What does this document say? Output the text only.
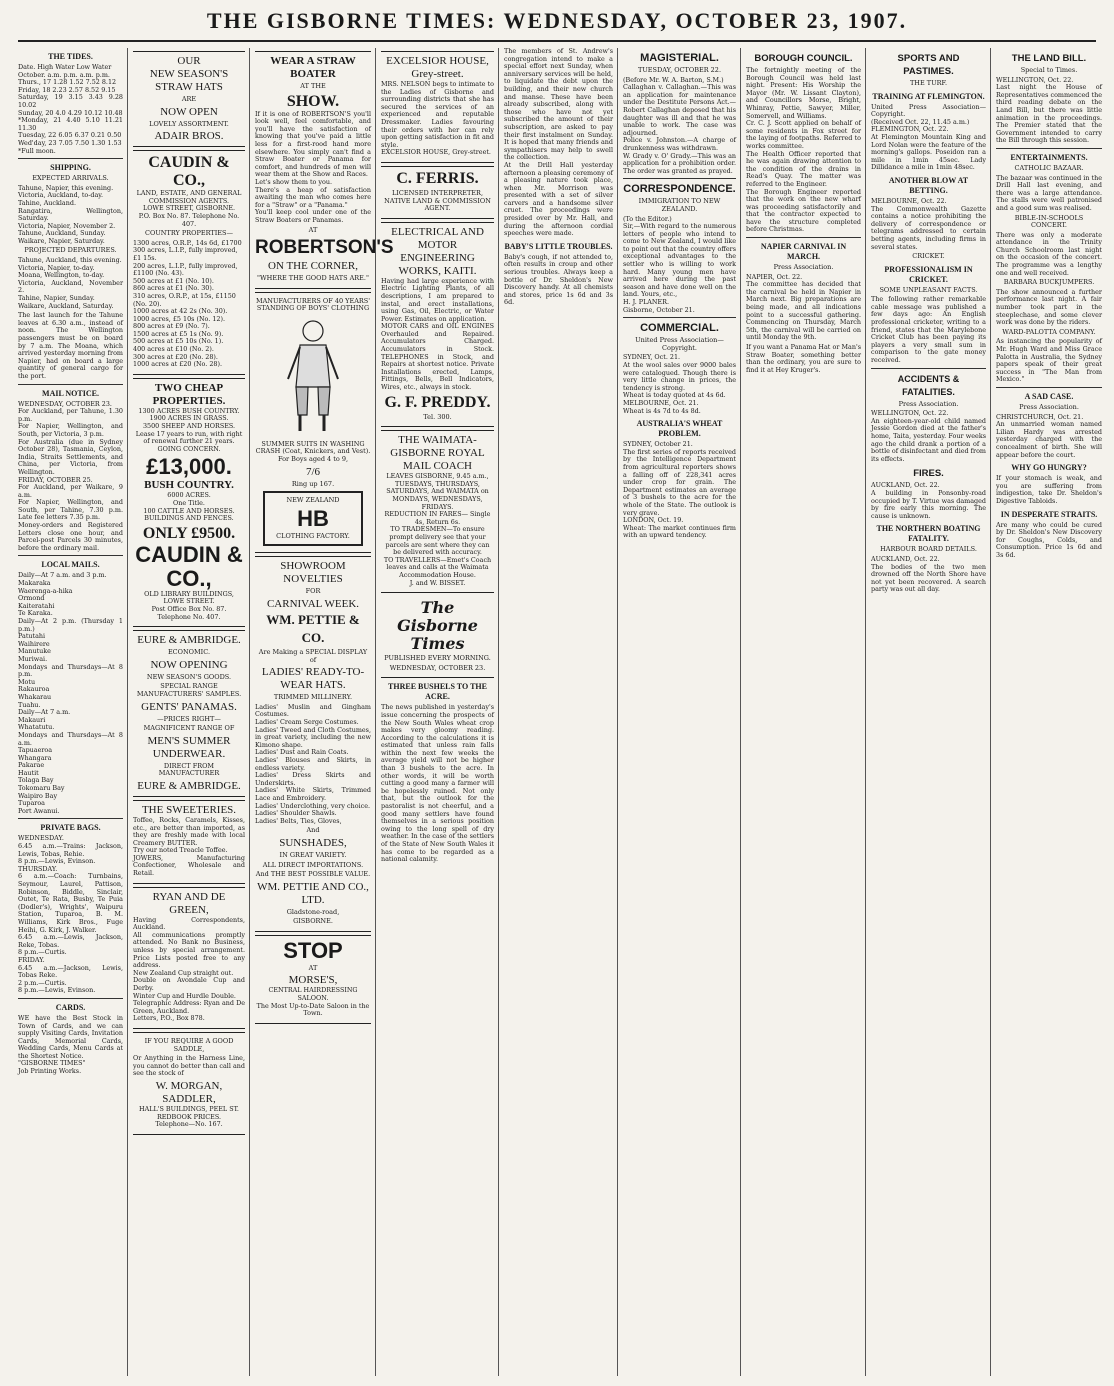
THE GISBORNE TIMES: WEDNESDAY, OCTOBER 23, 1907.
THE TIDES.
Date. High Water Low Water
October. a.m. p.m. a.m. p.m.
Thurs., 17 1.28 1.52 7.52 8.12
Friday, 18 2.23 2.57 8.52 9.15
Saturday, 19 3.15 3.43 9.28 10.02
Sunday, 20 4.0 4.29 10.12 10.48
*Monday, 21 4.40 5.10 11.21 11.30
Tuesday, 22 6.05 6.37 0.21 0.50
Wed'day, 23 7.05 7.50 1.30 1.53
*Full moon.
SHIPPING.
EXPECTED ARRIVALS.
Tahune, Napier, this evening.
Victoria, Auckland, to-day.
Tahine, Auckland.
Rangatira, Wellington, Saturday.
Victoria, Napier, November 2.
Tahune, Auckland, Sunday.
Waikare, Napier, Saturday.
PROJECTED DEPARTURES.
Tahune, Auckland, this evening.
Victoria, Napier, to-day.
Moana, Wellington, to-day.
Victoria, Auckland, November 2.
Tahine, Napier, Sunday.
Waikare, Auckland, Saturday.
The last launch for the Tahune leaves at 6.30 a.m., instead of noon. The Wellington passengers must be on board by 7 a.m. The Moana, which arrived yesterday morning from Napier, had on board a large quantity of general cargo for the port.
MAIL NOTICE.
WEDNESDAY, OCTOBER 23.
For Auckland, per Tahune, 1.30 p.m.
For Napier, Wellington, and South, per Victoria, 3 p.m.
For Australia (due in Sydney October 28), Tasmania, Ceylon, India, Straits Settlements, and China, per Victoria, from Wellington.
FRIDAY, OCTOBER 25.
For Auckland, per Waikare, 9 a.m.
For Napier, Wellington, and South, per Tahine, 7.30 p.m. Late fee letters 7.35 p.m.
Money-orders and Registered Letters close one hour, and Parcel-post Parcels 30 minutes, before the ordinary mail.
LOCAL MAILS.
Daily—At 7 a.m. and 3 p.m.
Makaraka
Waerenga-a-hika
Ormond
Kaiteratahi
Te Karaka.
Daily—At 2 p.m. (Thursday 1 p.m.)
Patutahi
Waihirere
Manutuke
Muriwai.
Mondays and Thursdays—At 8 p.m.
Motu
Rakauroa
Whakarau
Tuahu.
Daily—At 7 a.m.
Makauri
Whatatutu.
Mondays and Thursdays—At 8 a.m.
Tapuaeroa
Whangara
Pakarae
Hautit
Tolaga Bay
Tokomaru Bay
Waipiro Bay
Tuparoa
Port Awanui.
PRIVATE BAGS.
WEDNESDAY.
6.45 a.m.—Trains: Jackson, Lewis, Tobas, Rehie.
8 p.m.—Lewis, Evinson.
THURSDAY.
6 a.m.—Coach: Turnbains, Seymour, Laurel, Pattison, Robinson, Biddle, Sinclair, Outet, Te Rata, Busby, Te Puia (Dodler's), Wrights', Waipuru Station, Tuparoa, B. M. Williams, Kirk Bros., Fuge Heihi, G. Kirk, J. Walker.
6.45 a.m.—Lewis, Jackson, Reke, Tobas.
8 p.m.—Curtis.
FRIDAY.
6.45 a.m.—Jackson, Lewis, Tobas Reke.
2 p.m.—Curtis.
8 p.m.—Lewis, Evinson.
CARDS.
WE have the Best Stock in Town of Cards, and we can supply Visiting Cards, Invitation Cards, Memorial Cards, Wedding Cards, Menu Cards at the Shortest Notice.
"GISBORNE TIMES"
Job Printing Works.
OUR
NEW SEASON'S
STRAW HATS
ARE
NOW OPEN
LOVELY ASSORTMENT.
ADAIR BROS.
CAUDIN & CO.,
LAND, ESTATE, AND GENERAL COMMISSION AGENTS.
LOWE STREET, GISBORNE.
P.O. Box No. 87. Telephone No. 407.
COUNTRY PROPERTIES—
1300 acres, O.R.P., 14s 6d, £1700
300 acres, L.I.P., fully improved, £1 15s.
200 acres, L.I.P., fully improved, £1100 (No. 43).
500 acres at £1 (No. 10).
860 acres at £1 (No. 30).
310 acres, O.R.P., at 15s, £1150
(No. 20).
1000 acres at 42 2s (No. 30).
1000 acres, £5 10s (No. 12).
800 acres at £9 (No. 7).
1500 acres at £5 1s (No. 9).
500 acres at £5 10s (No. 1).
400 acres at £10 (No. 2).
300 acres at £20 (No. 28).
1000 acres at £20 (No. 28).
TWO CHEAP PROPERTIES.
1300 ACRES BUSH COUNTRY.
1900 ACRES IN GRASS.
3500 SHEEP AND HORSES.
Lease 17 years to run, with right of renewal further 21 years.
GOING CONCERN.
£13,000.
BUSH COUNTRY.
6000 ACRES.
One Title.
100 CATTLE AND HORSES.
BUILDINGS AND FENCES.
ONLY £9500.
CAUDIN & CO.,
OLD LIBRARY BUILDINGS, LOWE STREET.
Post Office Box No. 87.
Telephone No. 407.
EURE & AMBRIDGE.
ECONOMIC.
NOW OPENING
NEW SEASON'S GOODS.
SPECIAL RANGE MANUFACTURERS' SAMPLES.
GENTS' PANAMAS.
—PRICES RIGHT—
MAGNIFICENT RANGE OF
MEN'S SUMMER UNDERWEAR.
DIRECT FROM MANUFACTURER
EURE & AMBRIDGE.
THE SWEETERIES.
Toffee, Rocks, Caramels, Kisses, etc., are better than imported, as they are freshly made with local Creamery BUTTER.
Try our noted Treacle Toffee.
JOWERS, Manufacturing Confectioner, Wholesale and Retail.
RYAN AND DE GREEN,
Having Correspondents, Auckland.
All communications promptly attended. No Bank no Business, unless by special arrangement. Price Lists posted free to any address.
New Zealand Cup straight out.
Double on Avondale Cup and Derby.
Winter Cup and Hurdle Double.
Telegraphic Address: Ryan and De Green, Auckland.
Letters, P.O., Box 878.
IF YOU REQUIRE A GOOD SADDLE,
Or Anything in the Harness Line, you cannot do better than call and see the stock of
W. MORGAN, SADDLER,
HALL'S BUILDINGS, PEEL ST. REDBOOK PRICES.
Telephone—No. 167.
WEAR A STRAW BOATER
AT THE
SHOW.
If it is one of ROBERTSON'S you'll look well, feel comfortable, and you'll have the satisfaction of knowing that you've paid a little less for a first-rood hand more elsewhere. You simply can't find a Straw Boater or Panama for comfort, and hundreds of men will wear them at the Show and Races.
Let's show them to you.
There's a heap of satisfaction awaiting the man who comes here for a "Straw" or a "Panama."
You'll keep cool under one of the Straw Boaters or Panamas.
AT
ROBERTSON'S
ON THE CORNER,
"WHERE THE GOOD HATS ARE."
MANUFACTURERS OF 40 YEARS' STANDING OF BOYS' CLOTHING
SUMMER SUITS IN WASHING CRASH (Coat, Knickers, and Vest). For Boys aged 4 to 9,
7/6
Ring up 167.
NEW ZEALAND
HB
CLOTHING FACTORY.
SHOWROOM NOVELTIES
FOR
CARNIVAL WEEK.
WM. PETTIE & CO.
Are Making a SPECIAL DISPLAY of
LADIES' READY-TO-WEAR HATS.
TRIMMED MILLINERY.
Ladies' Muslin and Gingham Costumes.
Ladies' Cream Serge Costumes.
Ladies' Tweed and Cloth Costumes, in great variety, including the new Kimono shape.
Ladies' Dust and Rain Coats.
Ladies' Blouses and Skirts, in endless variety.
Ladies' Dress Skirts and Underskirts.
Ladies' White Skirts, Trimmed Lace and Embroidery.
Ladies' Underclothing, very choice.
Ladies' Shoulder Shawls.
Ladies' Belts, Ties, Gloves,
And
SUNSHADES,
IN GREAT VARIETY.
ALL DIRECT IMPORTATIONS.
And THE BEST POSSIBLE VALUE.
WM. PETTIE AND CO., LTD.
Gladstone-road,
GISBORNE.
STOP
AT
MORSE'S,
CENTRAL HAIRDRESSING SALOON.
The Most Up-to-Date Saloon in the Town.
EXCELSIOR HOUSE, Grey-street.
MRS. NELSON begs to intimate to the Ladies of Gisborne and surrounding districts that she has secured the services of an experienced and reputable Dressmaker. Ladies favouring their orders with her can rely upon getting satisfaction in fit and style.
EXCELSIOR HOUSE, Grey-street.
C. FERRIS.
LICENSED INTERPRETER, NATIVE LAND & COMMISSION AGENT.
ELECTRICAL AND MOTOR ENGINEERING WORKS, KAITI.
Having had large experience with Electric Lighting Plants, of all descriptions, I am prepared to instal, and erect installations, using Gas, Oil, Electric, or Water Power. Estimates on application.
MOTOR CARS and OIL ENGINES Overhauled and Repaired. Accumulators Charged. Accumulators in Stock. TELEPHONES in Stock, and Repairs at shortest notice. Private Installations erected, Lamps, Fittings, Bells, Bell Indicators, Wires, etc., always in stock.
G. F. PREDDY.
Tel. 300.
THE WAIMATA-GISBORNE ROYAL MAIL COACH
LEAVES GISBORNE, 9.45 a.m., TUESDAYS, THURSDAYS, SATURDAYS, And WAIMATA on MONDAYS, WEDNESDAYS, FRIDAYS.
REDUCTION IN FARES— Single 4s, Return 6s.
TO TRADESMEN—To ensure prompt delivery see that your parcels are sent where they can be delivered with accuracy.
TO TRAVELLERS—Emet's Coach leaves and calls at the Waimata Accommodation House.
J. and W. BISSET.
The Gisborne Times
PUBLISHED EVERY MORNING.
WEDNESDAY, OCTOBER 23.
THREE BUSHELS TO THE ACRE.
The news published in yesterday's issue concerning the prospects of the New South Wales wheat crop makes very gloomy reading. According to the calculations it is estimated that unless rain falls within the next few weeks the average yield will not be higher than 3 bushels to the acre. In other words, it will be worth cutting a good many a farmer will be hopelessly ruined. Not only that, but the outlook for the pastoralist is not cheerful, and a good many settlers have found themselves in a serious position owing to the long spell of dry weather. In the case of the settlers of the State of New South Wales it has come to be regarded as a national calamity.
The members of St. Andrew's congregation intend to make a special effort next Sunday, when anniversary services will be held, to liquidate the debt upon the building, and their new church and manse. These have been already subscribed, along with those who have not yet subscribed the amount of their subscription, are asked to pay their first instalment on Sunday. It is hoped that many friends and sympathisers may help to swell the collection.
At the Drill Hall yesterday afternoon a pleasing ceremony of a pleasing nature took place, when Mr. Morrison was presented with a set of silver carvers and a handsome silver cruet. The proceedings were presided over by Mr. Hall, and during the afternoon cordial speeches were made.
BABY'S LITTLE TROUBLES.
Baby's cough, if not attended to, often results in croup and other serious troubles. Always keep a bottle of Dr. Sheldon's New Discovery handy. At all chemists and stores, price 1s 6d and 3s 6d.
MAGISTERIAL.
TUESDAY, OCTOBER 22.
(Before Mr. W. A. Barton, S.M.)
Callaghan v. Callaghan.—This was an application for maintenance under the Destitute Persons Act.—Robert Callaghan deposed that his daughter was ill and that he was unable to work. The case was adjourned.
Police v. Johnston.—A charge of drunkenness was withdrawn.
W. Grady v. O' Grady.—This was an application for a prohibition order. The order was granted as prayed.
CORRESPONDENCE.
IMMIGRATION TO NEW ZEALAND.
(To the Editor.)
Sir,—With regard to the numerous letters of people who intend to come to New Zealand, I would like to point out that the country offers exceptional advantages to the settler who is willing to work hard. Many young men have arrived here during the past season and have done well on the land. Yours, etc.,
H. J. PLANER.
Gisborne, October 21.
COMMERCIAL.
United Press Association—Copyright.
SYDNEY, Oct. 21.
At the wool sales over 9000 bales were catalogued. Though there is very little change in prices, the tendency is strong.
Wheat is today quoted at 4s 6d.
MELBOURNE, Oct. 21.
Wheat is 4s 7d to 4s 8d.
AUSTRALIA'S WHEAT PROBLEM.
SYDNEY, October 21.
The first series of reports received by the Intelligence Department from agricultural reporters shows a falling off of 228,341 acres under crop for grain. The Department estimates an average of 3 bushels to the acre for the whole of the State. The outlook is very grave.
LONDON, Oct. 19.
Wheat: The market continues firm with an upward tendency.
BOROUGH COUNCIL.
The fortnightly meeting of the Borough Council was held last night. Present: His Worship the Mayor (Mr. W. Lissant Clayton), and Councillors Morse, Bright, Whinray, Pettie, Sawyer, Miller, Somervell, and Williams.
Cr. C. J. Scott applied on behalf of some residents in Fox street for the laying of footpaths. Referred to works committee.
The Health Officer reported that he was again drawing attention to the condition of the drains in Read's Quay. The matter was referred to the Engineer.
The Borough Engineer reported that the work on the new wharf was proceeding satisfactorily and that the contractor expected to have the structure completed before Christmas.
NAPIER CARNIVAL IN MARCH.
Press Association.
NAPIER, Oct. 22.
The committee has decided that the carnival be held in Napier in March next. Big preparations are being made, and all indications point to a successful gathering. Commencing on Thursday, March 5th, the carnival will be carried on until Monday the 9th.
If you want a Panama Hat or Man's Straw Boater, something better than the ordinary, you are sure to find it at Hey Kruger's.
SPORTS AND PASTIMES.
THE TURF.
TRAINING AT FLEMINGTON.
United Press Association—Copyright.
(Received Oct. 22, 11.45 a.m.)
FLEMINGTON, Oct. 22.
At Flemington Mountain King and Lord Nolan were the feature of the morning's gallops. Poseidon ran a mile in 1min 45sec. Lady Dillidance a mile in 1min 48sec.
ANOTHER BLOW AT BETTING.
MELBOURNE, Oct. 22.
The Commonwealth Gazette contains a notice prohibiting the delivery of correspondence or telegrams addressed to certain betting agents, including firms in several states.
CRICKET.
PROFESSIONALISM IN CRICKET.
SOME UNPLEASANT FACTS.
The following rather remarkable cable message was published a few days ago: An English professional cricketer, writing to a friend, states that the Marylebone Cricket Club has been paying its players a very small sum in comparison to the gate money received.
ACCIDENTS & FATALITIES.
Press Association.
WELLINGTON, Oct. 22.
An eighteen-year-old child named Jessie Gordon died at the father's home, Taita, yesterday. Four weeks ago the child drank a portion of a bottle of disinfectant and died from its effects.
FIRES.
AUCKLAND, Oct. 22.
A building in Ponsonby-road occupied by T. Virtue was damaged by fire early this morning. The cause is unknown.
THE NORTHERN BOATING FATALITY.
HARBOUR BOARD DETAILS.
AUCKLAND, Oct. 22.
The bodies of the two men drowned off the North Shore have not yet been recovered. A search party was out all day.
THE LAND BILL.
Special to Times.
WELLINGTON, Oct. 22.
Last night the House of Representatives commenced the third reading debate on the Land Bill, but there was little animation in the proceedings. The Premier stated that the Government intended to carry the Bill through this session.
ENTERTAINMENTS.
CATHOLIC BAZAAR.
The bazaar was continued in the Drill Hall last evening, and there was a large attendance. The stalls were well patronised and a good sum was realised.
BIBLE-IN-SCHOOLS CONCERT.
There was only a moderate attendance in the Trinity Church Schoolroom last night on the occasion of the concert. The programme was a lengthy one and well received.
BARBARA BUCKJUMPERS.
The show announced a further performance last night. A fair number took part in the steeplechase, and some clever work was done by the riders.
WARD-PALOTTA COMPANY.
As instancing the popularity of Mr. Hugh Ward and Miss Grace Palotta in Australia, the Sydney papers speak of their great success in "The Man from Mexico."
A SAD CASE.
Press Association.
CHRISTCHURCH, Oct. 21.
An unmarried woman named Lilian Hardy was arrested yesterday charged with the concealment of birth. She will appear before the court.
WHY GO HUNGRY?
If your stomach is weak, and you are suffering from indigestion, take Dr. Sheldon's Digestive Tabloids.
IN DESPERATE STRAITS.
Are many who could be cured by Dr. Sheldon's New Discovery for Coughs, Colds, and Consumption. Price 1s 6d and 3s 6d.
